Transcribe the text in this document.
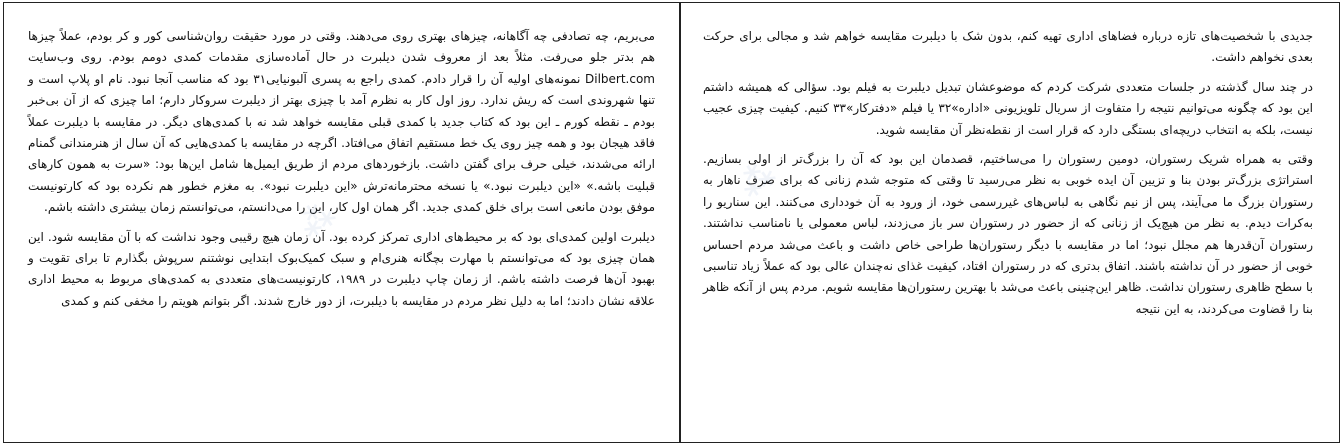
جدیدی با شخصیت‌های تازه درباره فضاهای اداری تهیه کنم، بدون شک با دیلبرت مقایسه خواهم شد و مجالی برای حرکت بعدی نخواهم داشت.

در چند سال گذشته در جلسات متعددی شرکت کردم که موضوعشان تبدیل دیلبرت به فیلم بود. سؤالی که همیشه داشتم این بود که چگونه می‌توانیم نتیجه را متفاوت از سریال تلویزیونی «اداره»۳۲ یا فیلم «دفترکار»۳۳ کنیم. کیفیت چیزی عجیب نیست، بلکه به انتخاب دریچه‌ای بستگی دارد که قرار است از نقطه‌نظر آن مقایسه شوید.

وقتی به همراه شریک رستوران، دومین رستوران را می‌ساختیم، قصدمان این بود که آن را بزرگ‌تر از اولی بسازیم. استراتژی بزرگ‌تر بودن بنا و تزیین آن ایده خوبی به نظر می‌رسید تا وقتی که متوجه شدم زنانی که برای صرف ناهار به رستوران بزرگ ما می‌آیند، پس از نیم نگاهی به لباس‌های غیررسمی خود، از ورود به آن خودداری می‌کنند. این سناریو را به‌کرات دیدم. به نظر من هیچ‌یک از زنانی که از حضور در رستوران سر باز می‌زدند، لباس معمولی یا نامناسب نداشتند. رستوران آن‌قدرها هم مجلل نبود؛ اما در مقایسه با دیگر رستوران‌ها طراحی خاص داشت و باعث می‌شد مردم احساس خوبی از حضور در آن نداشته باشند. اتفاق بدتری که در رستوران افتاد، کیفیت غذای نه‌چندان عالی بود که عملاً زیاد تناسبی با سطح ظاهری رستوران نداشت. ظاهر این‌چنینی باعث می‌شد با بهترین رستوران‌ها مقایسه شویم. مردم پس از آنکه ظاهر بنا را قضاوت می‌کردند، به این نتیجه

می‌بریم، چه تصادفی چه آگاهانه، چیزهای بهتری روی می‌دهند. وقتی در مورد حقیقت روان‌شناسی کور و کر بودم، عملاً چیزها هم بدتر جلو می‌رفت. مثلاً بعد از معروف شدن دیلبرت در حال آماده‌سازی مقدمات کمدی دومم بودم. روی وب‌سایت Dilbert.com نمونه‌های اولیه آن را قرار دادم. کمدی راجع به پسری آلبونیایی۳۱ بود که مناسب آنجا نبود. نام او پلاپ است و تنها شهروندی است که ریش ندارد. روز اول کار به نظرم آمد با چیزی بهتر از دیلبرت سروکار دارم؛ اما چیزی که از آن بی‌خبر بودم ـ نقطه کورم ـ این بود که کتاب جدید با کمدی قبلی مقایسه خواهد شد نه با کمدی‌های دیگر. در مقایسه با دیلبرت عملاً فاقد هیجان بود و همه چیز روی یک خط مستقیم اتفاق می‌افتاد. اگرچه در مقایسه با کمدی‌هایی که آن سال از هنرمندانی گمنام ارائه می‌شدند، خیلی حرف برای گفتن داشت. بازخوردهای مردم از طریق ایمیل‌ها شامل این‌ها بود: «سرت به همون کارهای قبلیت باشه.» «این دیلبرت نبود.» یا نسخه محترمانه‌ترش «این دیلبرت نبود». به مغزم خطور هم نکرده بود که کارتونیست موفق بودن مانعی است برای خلق کمدی جدید. اگر همان اول کار، این را می‌دانستم، می‌توانستم زمان بیشتری داشته باشم.

دیلبرت اولین کمدی‌ای بود که بر محیط‌های اداری تمرکز کرده بود. آن زمان هیچ رقیبی وجود نداشت که با آن مقایسه شود. این همان چیزی بود که می‌توانستم با مهارت بچگانه هنری‌ام و سبک کمیک‌بوک ابتدایی نوشتنم سرپوش بگذارم تا برای تقویت و بهبود آن‌ها فرصت داشته باشم. از زمان چاپ دیلبرت در ۱۹۸۹، کارتونیست‌های متعددی به کمدی‌های مربوط به محیط اداری علاقه نشان دادند؛ اما به دلیل نظر مردم در مقایسه با دیلبرت، از دور خارج شدند. اگر بتوانم هویتم را مخفی کنم و کمدی
